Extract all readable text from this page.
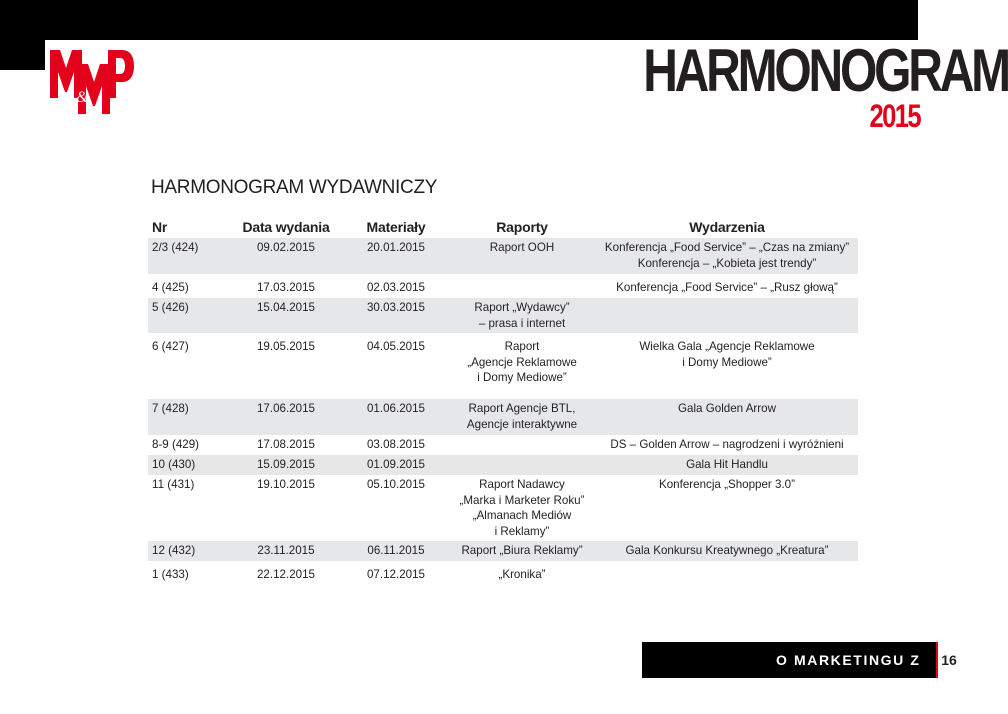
&	HARMONOGRAM
2015
HARMONOGRAM WYDAWNICZY
Nr	Data wydania	Materiały	Raporty	Wydarzenia
2/3 (424)	09.02.2015	20.01.2015	Raport OOH	Konferencja „Food Service” – „Czas na zmiany”
Konferencja – „Kobieta jest trendy”

4 (425)	17.03.2015	02.03.2015		Konferencja „Food Service” – „Rusz głową”
5 (426)	15.04.2015	30.03.2015	Raport „Wydawcy”
– prasa i internet	

6 (427)	19.05.2015	04.05.2015	Raport
„Agencje Reklamowe
i Domy Mediowe”	Wielka Gala „Agencje Reklamowe
i Domy Mediowe”

7 (428)	17.06.2015	01.06.2015	Raport Agencje BTL,
Agencje interaktywne	Gala Golden Arrow
8-9 (429)	17.08.2015	03.08.2015		DS – Golden Arrow – nagrodzeni i wyróżnieni
10 (430)	15.09.2015	01.09.2015		Gala Hit Handlu
11 (431)	19.10.2015	05.10.2015	Raport Nadawcy
„Marka i Marketer Roku”
„Almanach Mediów
i Reklamy”	Konferencja „Shopper 3.0”
12 (432)	23.11.2015	06.11.2015	Raport „Biura Reklamy”	Gala Konkursu Kreatywnego „Kreatura”

1 (433)	22.12.2015	07.12.2015	„Kronika”	
O MARKETINGU Z PASJĄ
16
